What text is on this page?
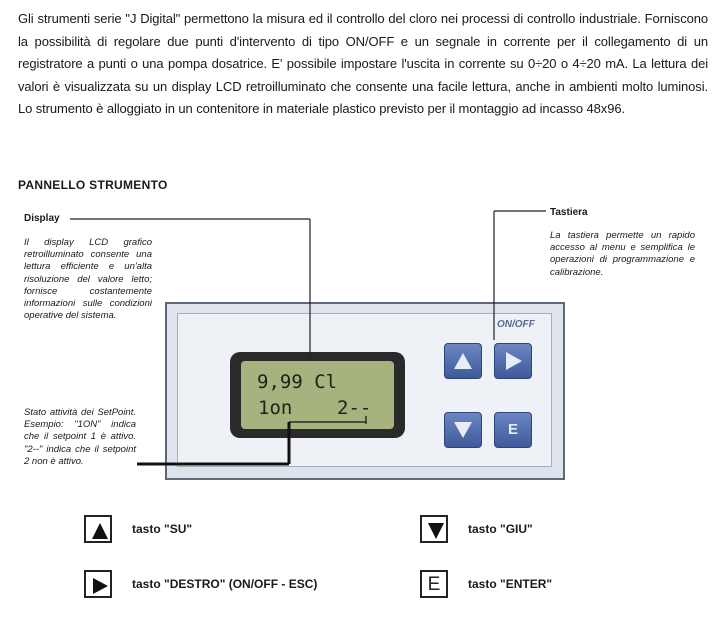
Gli strumenti serie "J Digital" permettono la misura ed il controllo del cloro nei processi di controllo industriale. Forniscono la possibilità di regolare due punti d'intervento di tipo ON/OFF e un segnale in corrente per il collegamento di un registratore a punti o una pompa dosatrice. E' possibile impostare l'uscita in corrente su 0÷20 o 4÷20 mA. La lettura dei valori è visualizzata su un display LCD retroilluminato che consente una facile lettura, anche in ambienti molto luminosi. Lo strumento è alloggiato in un contenitore in materiale plastico previsto per il montaggio ad incasso 48x96.

PANNELLO STRUMENTO
Display

Il display LCD grafico retroilluminato consente una lettura efficiente e un'alta risoluzione del valore letto; fornisce costantemente informazioni sulle condizioni operative del sistema.

Tastiera

La tastiera permette un rapido accesso al menu e semplifica le operazioni di programmazione e calibrazione.

Stato attività dei SetPoint. Esempio: "1ON" indica che il setpoint 1 è attivo. "2--" indica che il setpoint 2 non è attivo.

ON/OFF
9,99 Cl
1on 2--
E
tasto "SU"	tasto "GIU"
tasto "DESTRO" (ON/OFF - ESC)	E	tasto "ENTER"
